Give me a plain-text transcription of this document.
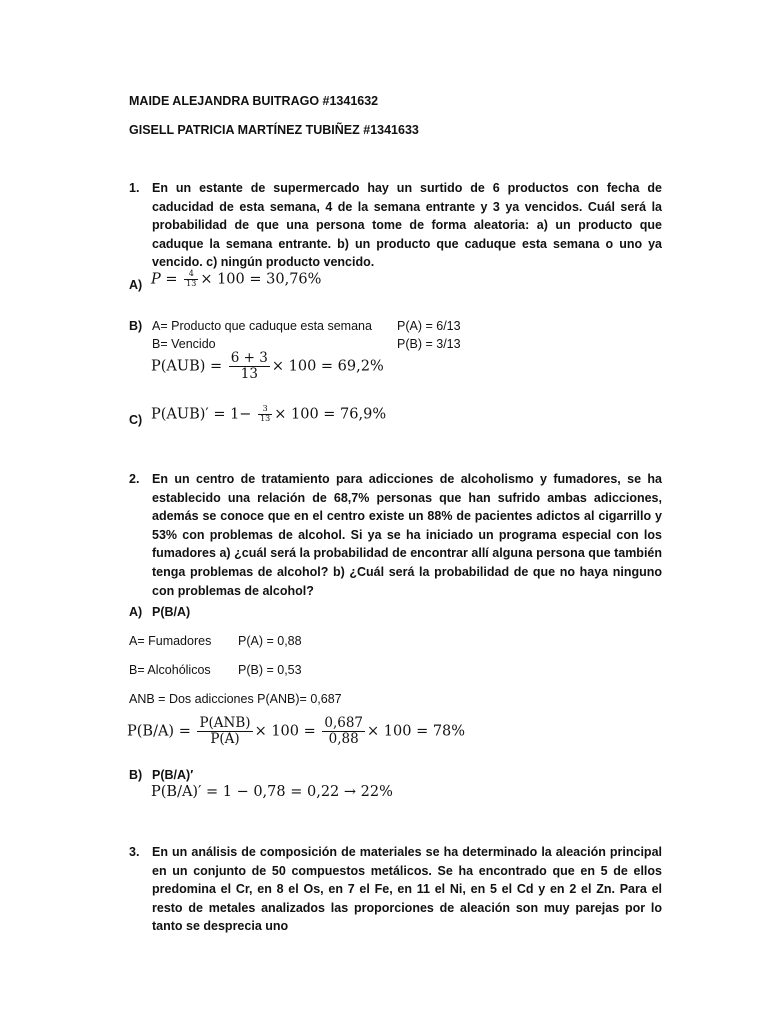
MAIDE ALEJANDRA BUITRAGO #1341632
GISELL PATRICIA MARTÍNEZ TUBIÑEZ #1341633
1. En un estante de supermercado hay un surtido de 6 productos con fecha de caducidad de esta semana, 4 de la semana entrante y 3 ya vencidos. Cuál será la probabilidad de que una persona tome de forma aleatoria: a) un producto que caduque la semana entrante. b) un producto que caduque esta semana o uno ya vencido. c) ningún producto vencido.
A) $P = \frac{4}{13} \times 100 = 30,76\%$
B) A= Producto que caduque esta semana
B= Vencido
P(A) = 6/13
P(B) = 3/13
$P(AUB) = \frac{6 + 3}{13} \times 100 = 69,2\%$
C) $P(AUB)' = 1- \frac{3}{13} \times 100 = 76,9\%$
2. En un centro de tratamiento para adicciones de alcoholismo y fumadores, se ha establecido una relación de 68,7% personas que han sufrido ambas adicciones, además se conoce que en el centro existe un 88% de pacientes adictos al cigarrillo y 53% con problemas de alcohol. Si ya se ha iniciado un programa especial con los fumadores a) ¿cuál será la probabilidad de encontrar allí alguna persona que también tenga problemas de alcohol? b) ¿Cuál será la probabilidad de que no haya ninguno con problemas de alcohol?
A) P(B/A)
A= Fumadores P(A) = 0,88
B= Alcohólicos P(B) = 0,53
ANB = Dos adicciones P(ANB)= 0,687
$P(B/A) = \frac{\text{P(ANB)}}{P(A)} \times 100 = \frac{0,687}{0,88} \times 100 = 78\%$
B) P(B/A)′
P(B/A)′ = 1 − 0,78 = 0,22 → 22%
3. En un análisis de composición de materiales se ha determinado la aleación principal en un conjunto de 50 compuestos metálicos. Se ha encontrado que en 5 de ellos predomina el Cr, en 8 el Os, en 7 el Fe, en 11 el Ni, en 5 el Cd y en 2 el Zn. Para el resto de metales analizados las proporciones de aleación son muy parejas por lo tanto se desprecia uno
